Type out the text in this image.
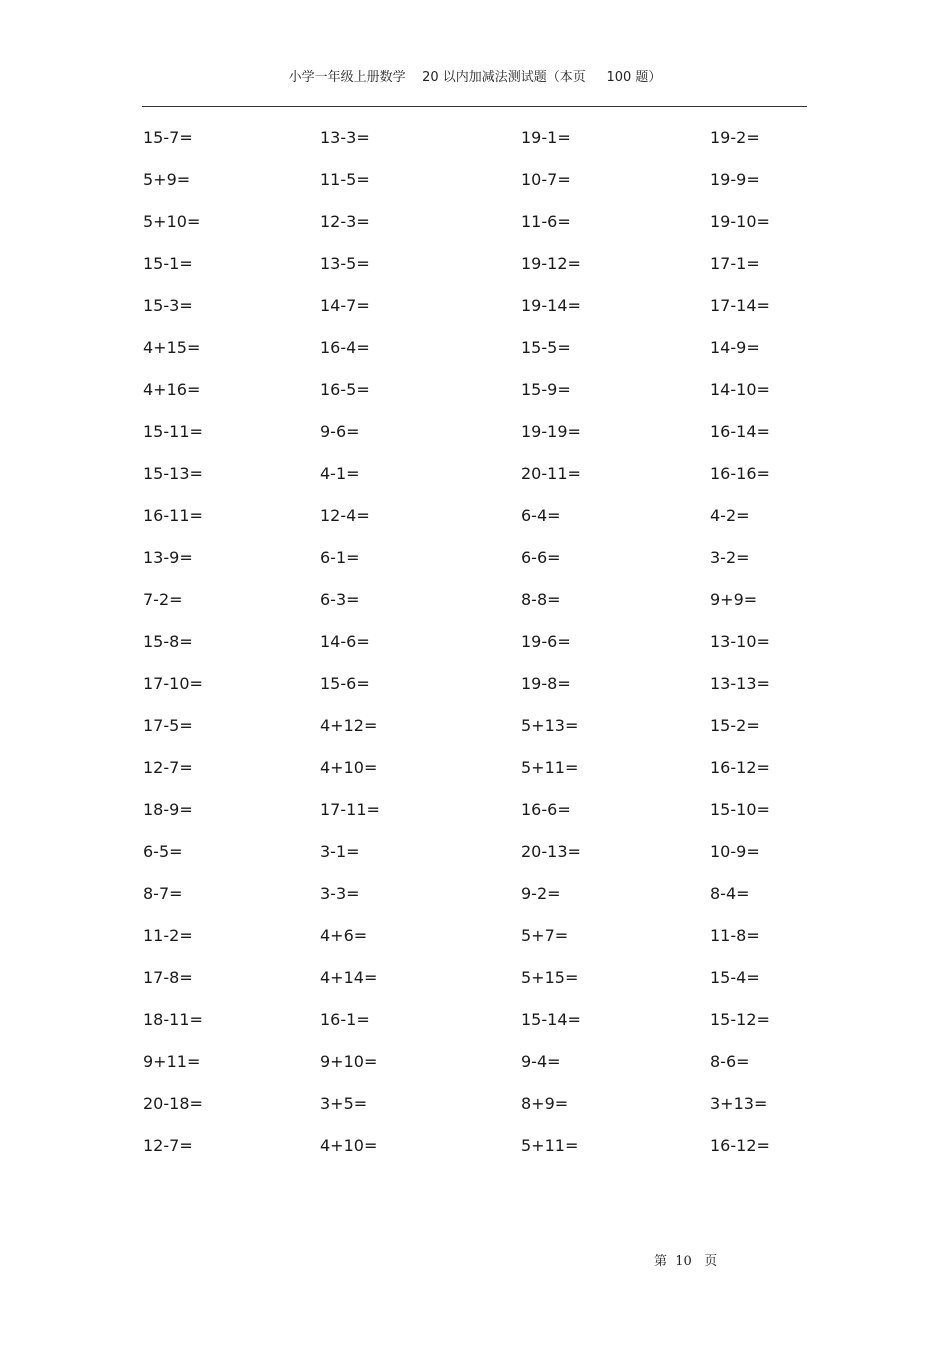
小学一年级上册数学    20 以内加减法测试题（本页     100 题）
15-7=	13-3=	19-1=	19-2=
5+9=	11-5=	10-7=	19-9=
5+10=	12-3=	11-6=	19-10=
15-1=	13-5=	19-12=	17-1=
15-3=	14-7=	19-14=	17-14=
4+15=	16-4=	15-5=	14-9=
4+16=	16-5=	15-9=	14-10=
15-11=	9-6=	19-19=	16-14=
15-13=	4-1=	20-11=	16-16=
16-11=	12-4=	6-4=	4-2=
13-9=	6-1=	6-6=	3-2=
7-2=	6-3=	8-8=	9+9=
15-8=	14-6=	19-6=	13-10=
17-10=	15-6=	19-8=	13-13=
17-5=	4+12=	5+13=	15-2=
12-7=	4+10=	5+11=	16-12=
18-9=	17-11=	16-6=	15-10=
6-5=	3-1=	20-13=	10-9=
8-7=	3-3=	9-2=	8-4=
11-2=	4+6=	5+7=	11-8=
17-8=	4+14=	5+15=	15-4=
18-11=	16-1=	15-14=	15-12=
9+11=	9+10=	9-4=	8-6=
20-18=	3+5=	8+9=	3+13=
12-7=	4+10=	5+11=	16-12=
第  10   页
